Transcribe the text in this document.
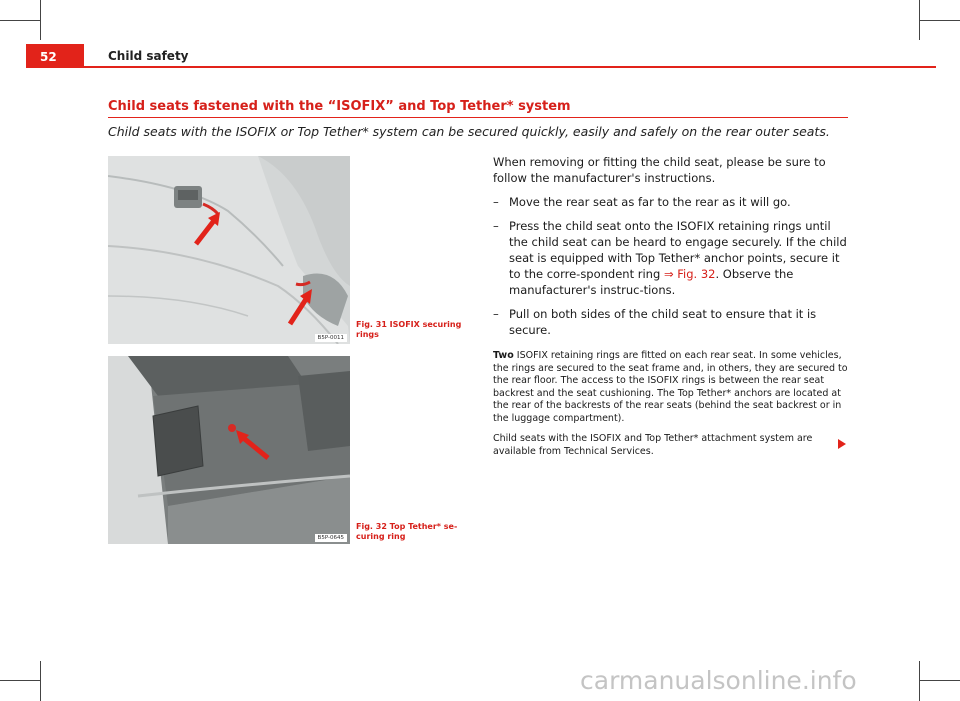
52	Child safety
Child seats fastened with the “ISOFIX” and Top Tether* system
Child seats with the ISOFIX or Top Tether* system can be secured quickly, easily and safely on the rear outer seats.
B5P-0011
Fig. 31 ISOFIX securing rings
B5P-0645
Fig. 32 Top Tether* se-curing ring

When removing or fitting the child seat, please be sure to follow the manufacturer's instructions.

– Move the rear seat as far to the rear as it will go.
– Press the child seat onto the ISOFIX retaining rings until the child seat can be heard to engage securely. If the child seat is equipped with Top Tether* anchor points, secure it to the corre-spondent ring ⇒ Fig. 32. Observe the manufacturer's instruc-tions.
– Pull on both sides of the child seat to ensure that it is secure.

Two ISOFIX retaining rings are fitted on each rear seat. In some vehicles, the rings are secured to the seat frame and, in others, they are secured to the rear floor. The access to the ISOFIX rings is between the rear seat backrest and the seat cushioning. The Top Tether* anchors are located at the rear of the backrests of the rear seats (behind the seat backrest or in the luggage compartment).

Child seats with the ISOFIX and Top Tether* attachment system are available from Technical Services.

carmanualsonline.info
